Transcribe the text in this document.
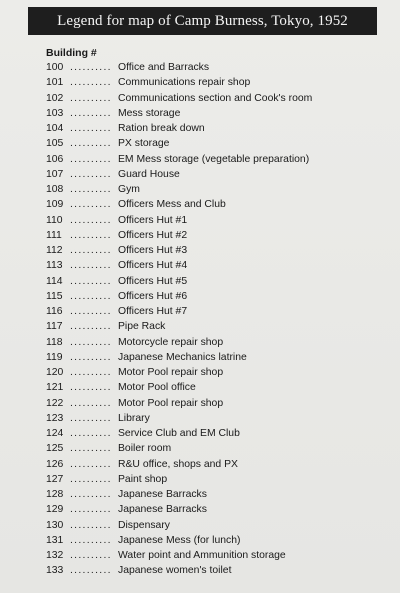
Legend for map of Camp Burness, Tokyo, 1952
Building #
100 .......... Office and Barracks
101 .......... Communications repair shop
102 .......... Communications section and Cook's room
103 .......... Mess storage
104 .......... Ration break down
105 .......... PX storage
106 .......... EM Mess storage (vegetable preparation)
107 .......... Guard House
108 .......... Gym
109 .......... Officers Mess and Club
110 .......... Officers Hut #1
111 .......... Officers Hut #2
112 .......... Officers Hut #3
113 .......... Officers Hut #4
114 .......... Officers Hut #5
115 .......... Officers Hut #6
116 .......... Officers Hut #7
117 .......... Pipe Rack
118 .......... Motorcycle repair shop
119 .......... Japanese Mechanics latrine
120 .......... Motor Pool repair shop
121 .......... Motor Pool office
122 .......... Motor Pool repair shop
123 .......... Library
124 .......... Service Club and EM Club
125 .......... Boiler room
126 .......... R&U office, shops and PX
127 .......... Paint shop
128 .......... Japanese Barracks
129 .......... Japanese Barracks
130 .......... Dispensary
131 .......... Japanese Mess (for lunch)
132 .......... Water point and Ammunition storage
133 .......... Japanese women's toilet
